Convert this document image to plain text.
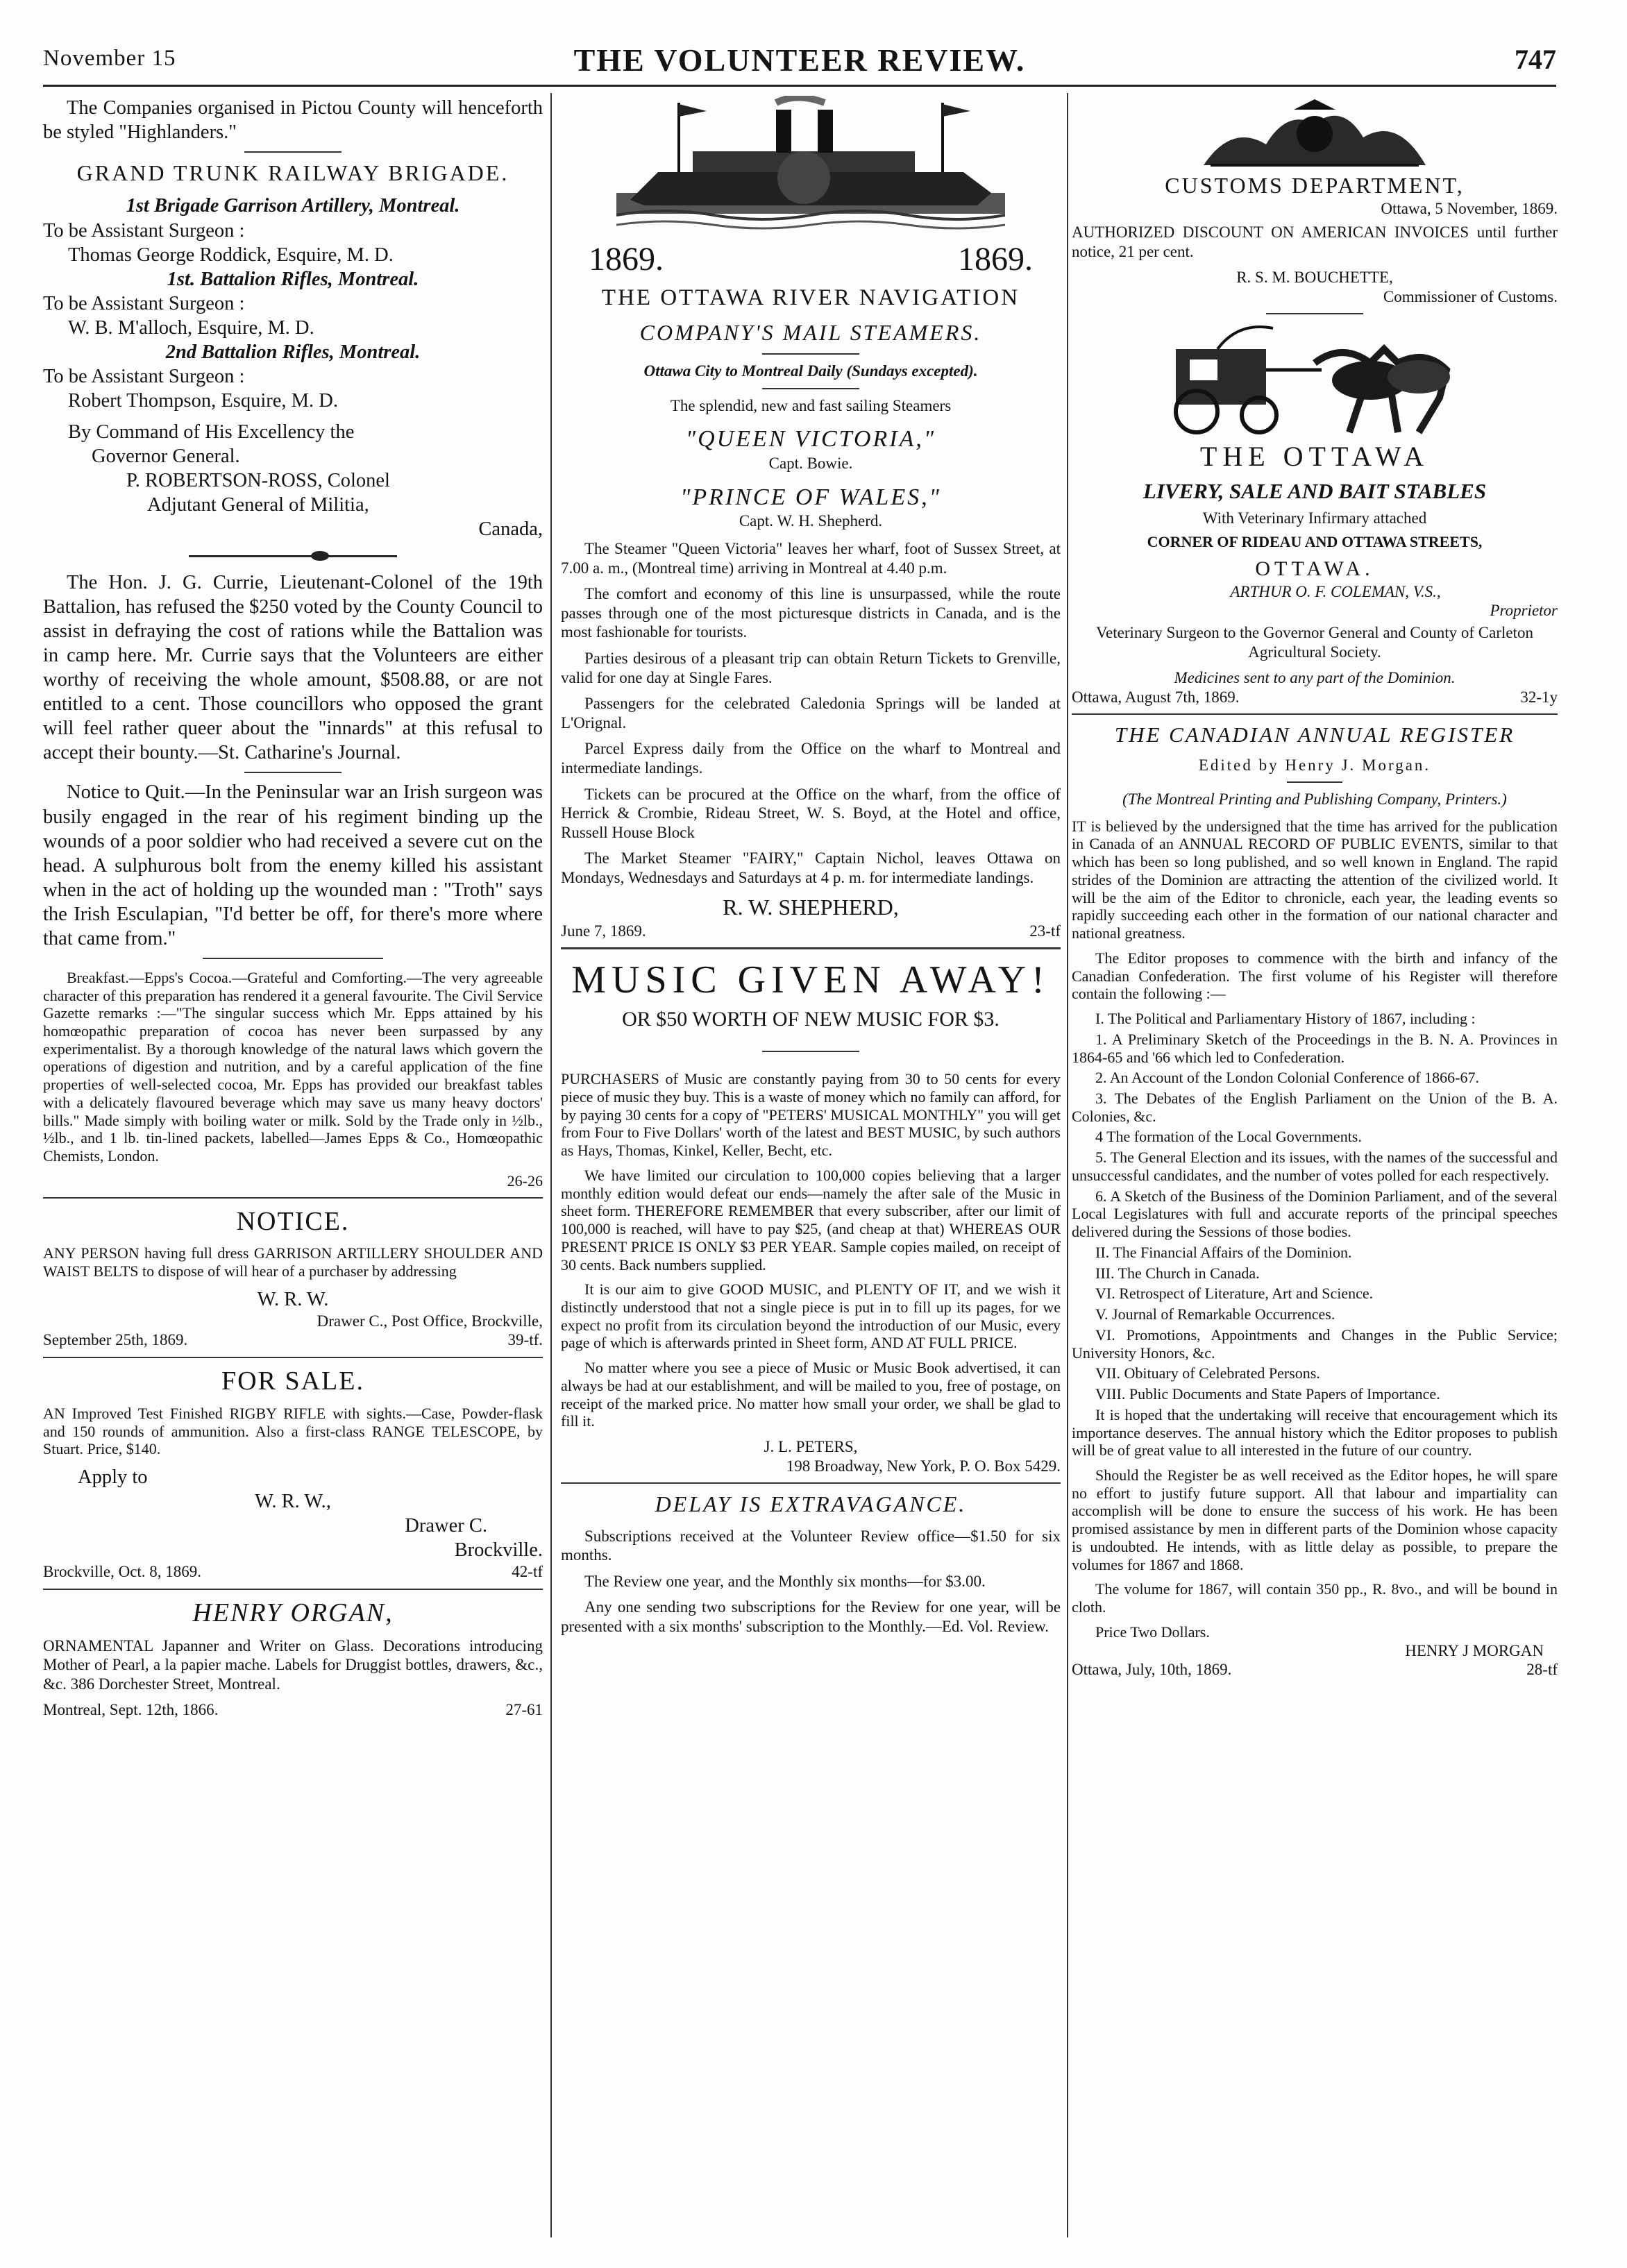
November 15	THE VOLUNTEER REVIEW.	747

The Companies organised in Pictou County will henceforth be styled "Highlanders."

GRAND TRUNK RAILWAY BRIGADE.
1st Brigade Garrison Artillery, Montreal.
To be Assistant Surgeon :
Thomas George Roddick, Esquire, M. D.
1st. Battalion Rifles, Montreal.
To be Assistant Surgeon :
W. B. M'alloch, Esquire, M. D.
2nd Battalion Rifles, Montreal.
To be Assistant Surgeon :
Robert Thompson, Esquire, M. D.
By Command of His Excellency the
Governor General.
P. ROBERTSON-ROSS, Colonel
Adjutant General of Militia,
Canada,

The Hon. J. G. Currie, Lieutenant-Colonel of the 19th Battalion, has refused the $250 voted by the County Council to assist in defraying the cost of rations while the Battalion was in camp here. Mr. Currie says that the Volunteers are either worthy of receiving the whole amount, $508.88, or are not entitled to a cent. Those councillors who opposed the grant will feel rather queer about the "innards" at this refusal to accept their bounty.—St. Catharine's Journal.

Notice to Quit.—In the Peninsular war an Irish surgeon was busily engaged in the rear of his regiment binding up the wounds of a poor soldier who had received a severe cut on the head. A sulphurous bolt from the enemy killed his assistant when in the act of holding up the wounded man : "Troth" says the Irish Esculapian, "I'd better be off, for there's more where that came from."

Breakfast.—Epps's Cocoa.—Grateful and Comforting.—The very agreeable character of this preparation has rendered it a general favourite. The Civil Service Gazette remarks :—"The singular success which Mr. Epps attained by his homœopathic preparation of cocoa has never been surpassed by any experimentalist. By a thorough knowledge of the natural laws which govern the operations of digestion and nutrition, and by a careful application of the fine properties of well-selected cocoa, Mr. Epps has provided our breakfast tables with a delicately flavoured beverage which may save us many heavy doctors' bills." Made simply with boiling water or milk. Sold by the Trade only in ½lb., ½lb., and 1 lb. tin-lined packets, labelled—James Epps & Co., Homœopathic Chemists, London.

26-26
NOTICE.

ANY PERSON having full dress GARRISON ARTILLERY SHOULDER AND WAIST BELTS to dispose of will hear of a purchaser by addressing

W. R. W.
Drawer C., Post Office, Brockville,
September 25th, 1869.	39-tf.
FOR SALE.

AN Improved Test Finished RIGBY RIFLE with sights.—Case, Powder-flask and 150 rounds of ammunition. Also a first-class RANGE TELESCOPE, by Stuart. Price, $140.

Apply to
W. R. W.,
Drawer C.
Brockville.
Brockville, Oct. 8, 1869.	42-tf
HENRY ORGAN,

ORNAMENTAL Japanner and Writer on Glass. Decorations introducing Mother of Pearl, a la papier mache. Labels for Druggist bottles, drawers, &c., &c. 386 Dorchester Street, Montreal.

Montreal, Sept. 12th, 1866.	27-61
1869.	1869.
THE OTTAWA RIVER NAVIGATION
COMPANY'S MAIL STEAMERS.
Ottawa City to Montreal Daily (Sundays excepted).
The splendid, new and fast sailing Steamers
"QUEEN VICTORIA,"
Capt. Bowie.
"PRINCE OF WALES,"
Capt. W. H. Shepherd.

The Steamer "Queen Victoria" leaves her wharf, foot of Sussex Street, at 7.00 a. m., (Montreal time) arriving in Montreal at 4.40 p.m.

The comfort and economy of this line is unsurpassed, while the route passes through one of the most picturesque districts in Canada, and is the most fashionable for tourists.

Parties desirous of a pleasant trip can obtain Return Tickets to Grenville, valid for one day at Single Fares.

Passengers for the celebrated Caledonia Springs will be landed at L'Orignal.

Parcel Express daily from the Office on the wharf to Montreal and intermediate landings.

Tickets can be procured at the Office on the wharf, from the office of Herrick & Crombie, Rideau Street, W. S. Boyd, at the Hotel and office, Russell House Block

The Market Steamer "FAIRY," Captain Nichol, leaves Ottawa on Mondays, Wednesdays and Saturdays at 4 p. m. for intermediate landings.

R. W. SHEPHERD,
June 7, 1869.	23-tf
MUSIC GIVEN AWAY!
OR $50 WORTH OF NEW MUSIC FOR $3.

PURCHASERS of Music are constantly paying from 30 to 50 cents for every piece of music they buy. This is a waste of money which no family can afford, for by paying 30 cents for a copy of "PETERS' MUSICAL MONTHLY" you will get from Four to Five Dollars' worth of the latest and BEST MUSIC, by such authors as Hays, Thomas, Kinkel, Keller, Becht, etc.

We have limited our circulation to 100,000 copies believing that a larger monthly edition would defeat our ends—namely the after sale of the Music in sheet form. THEREFORE REMEMBER that every subscriber, after our limit of 100,000 is reached, will have to pay $25, (and cheap at that) WHEREAS OUR PRESENT PRICE IS ONLY $3 PER YEAR. Sample copies mailed, on receipt of 30 cents. Back numbers supplied.

It is our aim to give GOOD MUSIC, and PLENTY OF IT, and we wish it distinctly understood that not a single piece is put in to fill up its pages, for we expect no profit from its circulation beyond the introduction of our Music, every page of which is afterwards printed in Sheet form, AND AT FULL PRICE.

No matter where you see a piece of Music or Music Book advertised, it can always be had at our establishment, and will be mailed to you, free of postage, on receipt of the marked price. No matter how small your order, we shall be glad to fill it.

J. L. PETERS,
198 Broadway, New York, P. O. Box 5429.
DELAY IS EXTRAVAGANCE.

Subscriptions received at the Volunteer Review office—$1.50 for six months.

The Review one year, and the Monthly six months—for $3.00.

Any one sending two subscriptions for the Review for one year, will be presented with a six months' subscription to the Monthly.—Ed. Vol. Review.

CUSTOMS DEPARTMENT,
Ottawa, 5 November, 1869.

AUTHORIZED DISCOUNT ON AMERICAN INVOICES until further notice, 21 per cent.

R. S. M. BOUCHETTE,
Commissioner of Customs.
THE OTTAWA
LIVERY, SALE AND BAIT STABLES
With Veterinary Infirmary attached
CORNER OF RIDEAU AND OTTAWA STREETS,
OTTAWA.
ARTHUR O. F. COLEMAN, V.S.,
Proprietor

Veterinary Surgeon to the Governor General and County of Carleton Agricultural Society.

Medicines sent to any part of the Dominion.
Ottawa, August 7th, 1869.	32-1y
THE CANADIAN ANNUAL REGISTER
Edited by Henry J. Morgan.
(The Montreal Printing and Publishing Company, Printers.)

IT is believed by the undersigned that the time has arrived for the publication in Canada of an ANNUAL RECORD OF PUBLIC EVENTS, similar to that which has been so long published, and so well known in England. The rapid strides of the Dominion are attracting the attention of the civilized world. It will be the aim of the Editor to chronicle, each year, the leading events so rapidly succeeding each other in the formation of our national character and national greatness.

The Editor proposes to commence with the birth and infancy of the Canadian Confederation. The first volume of his Register will therefore contain the following :—

I. The Political and Parliamentary History of 1867, including :

1. A Preliminary Sketch of the Proceedings in the B. N. A. Provinces in 1864-65 and '66 which led to Confederation.

2. An Account of the London Colonial Conference of 1866-67.

3. The Debates of the English Parliament on the Union of the B. A. Colonies, &c.

4 The formation of the Local Governments.

5. The General Election and its issues, with the names of the successful and unsuccessful candidates, and the number of votes polled for each respectively.

6. A Sketch of the Business of the Dominion Parliament, and of the several Local Legislatures with full and accurate reports of the principal speeches delivered during the Sessions of those bodies.

II. The Financial Affairs of the Dominion.

III. The Church in Canada.

VI. Retrospect of Literature, Art and Science.

V. Journal of Remarkable Occurrences.

VI. Promotions, Appointments and Changes in the Public Service; University Honors, &c.

VII. Obituary of Celebrated Persons.

VIII. Public Documents and State Papers of Importance.

It is hoped that the undertaking will receive that encouragement which its importance deserves. The annual history which the Editor proposes to publish will be of great value to all interested in the future of our country.

Should the Register be as well received as the Editor hopes, he will spare no effort to justify future support. All that labour and impartiality can accomplish will be done to ensure the success of his work. He has been promised assistance by men in different parts of the Dominion whose capacity is undoubted. He intends, with as little delay as possible, to prepare the volumes for 1867 and 1868.

The volume for 1867, will contain 350 pp., R. 8vo., and will be bound in cloth.

Price Two Dollars.
HENRY J MORGAN
Ottawa, July, 10th, 1869.	28-tf
